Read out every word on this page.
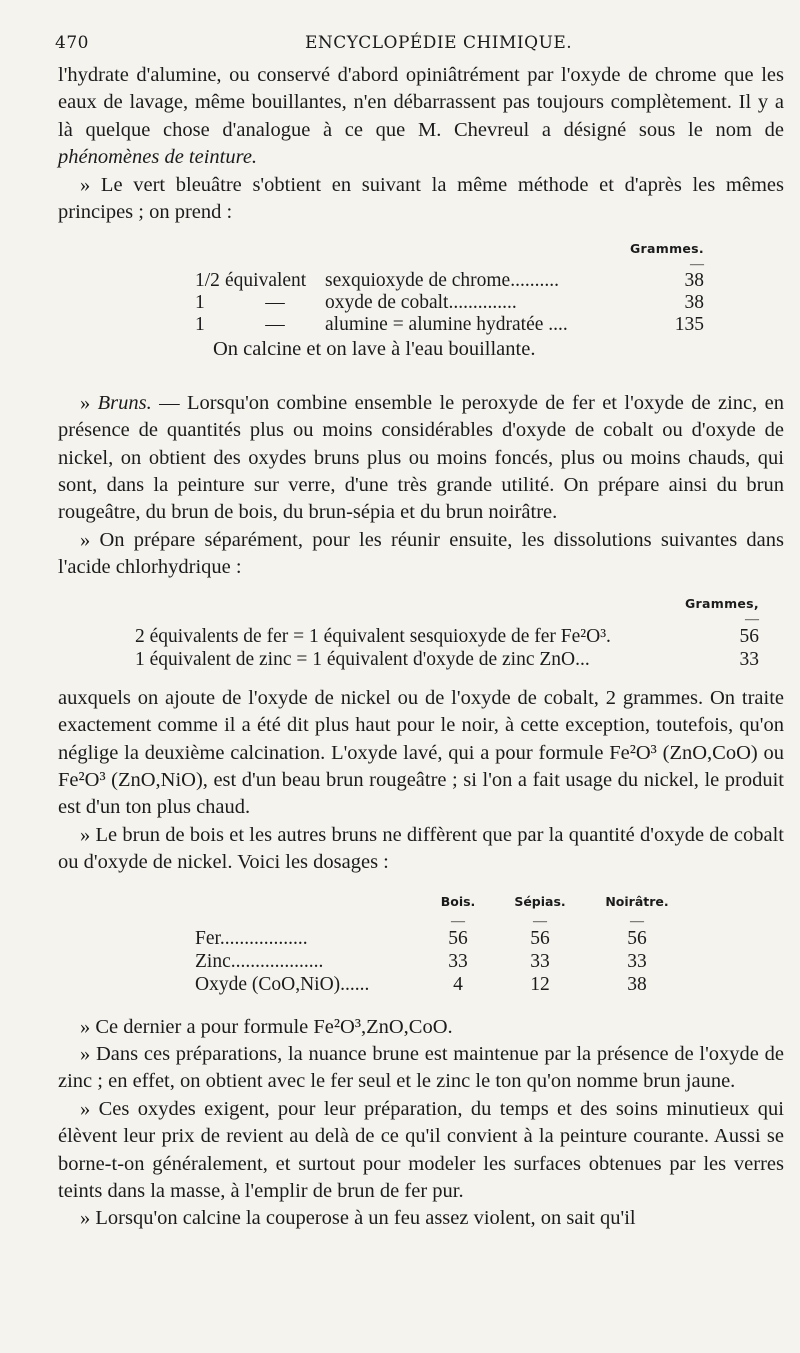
470	ENCYCLOPÉDIE CHIMIQUE.

l'hydrate d'alumine, ou conservé d'abord opiniâtrément par l'oxyde de chrome que les eaux de lavage, même bouillantes, n'en débarrassent pas toujours complètement. Il y a là quelque chose d'analogue à ce que M. Chevreul a désigné sous le nom de phénomènes de teinture.

» Le vert bleuâtre s'obtient en suivant la même méthode et d'après les mêmes principes ; on prend :

			Grammes.
			—
1/2	équivalent	sexquioxyde de chrome..........	38
1	—	oxyde de cobalt..............	38
1	—	alumine = alumine hydratée ....	135
On calcine et on lave à l'eau bouillante.

» Bruns. — Lorsqu'on combine ensemble le peroxyde de fer et l'oxyde de zinc, en présence de quantités plus ou moins considérables d'oxyde de cobalt ou d'oxyde de nickel, on obtient des oxydes bruns plus ou moins foncés, plus ou moins chauds, qui sont, dans la peinture sur verre, d'une très grande utilité. On prépare ainsi du brun rougeâtre, du brun de bois, du brun-sépia et du brun noirâtre.

» On prépare séparément, pour les réunir ensuite, les dissolutions suivantes dans l'acide chlorhydrique :

	Grammes,
	—
2 équivalents de fer = 1 équivalent sesquioxyde de fer Fe²O³.	56
1 équivalent de zinc = 1 équivalent d'oxyde de zinc ZnO...	33

auxquels on ajoute de l'oxyde de nickel ou de l'oxyde de cobalt, 2 grammes. On traite exactement comme il a été dit plus haut pour le noir, à cette exception, toutefois, qu'on néglige la deuxième calcination. L'oxyde lavé, qui a pour formule Fe²O³ (ZnO,CoO) ou Fe²O³ (ZnO,NiO), est d'un beau brun rougeâtre ; si l'on a fait usage du nickel, le produit est d'un ton plus chaud.

» Le brun de bois et les autres bruns ne diffèrent que par la quantité d'oxyde de cobalt ou d'oxyde de nickel. Voici les dosages :

	Bois.	Sépias.	Noirâtre.
	—	—	—
Fer..................	56	56	56
Zinc...................	33	33	33
Oxyde (CoO,NiO)......	4	12	38

» Ce dernier a pour formule Fe²O³,ZnO,CoO.

» Dans ces préparations, la nuance brune est maintenue par la présence de l'oxyde de zinc ; en effet, on obtient avec le fer seul et le zinc le ton qu'on nomme brun jaune.

» Ces oxydes exigent, pour leur préparation, du temps et des soins minutieux qui élèvent leur prix de revient au delà de ce qu'il convient à la peinture courante. Aussi se borne-t-on généralement, et surtout pour modeler les surfaces obtenues par les verres teints dans la masse, à l'emplir de brun de fer pur.

» Lorsqu'on calcine la couperose à un feu assez violent, on sait qu'il
